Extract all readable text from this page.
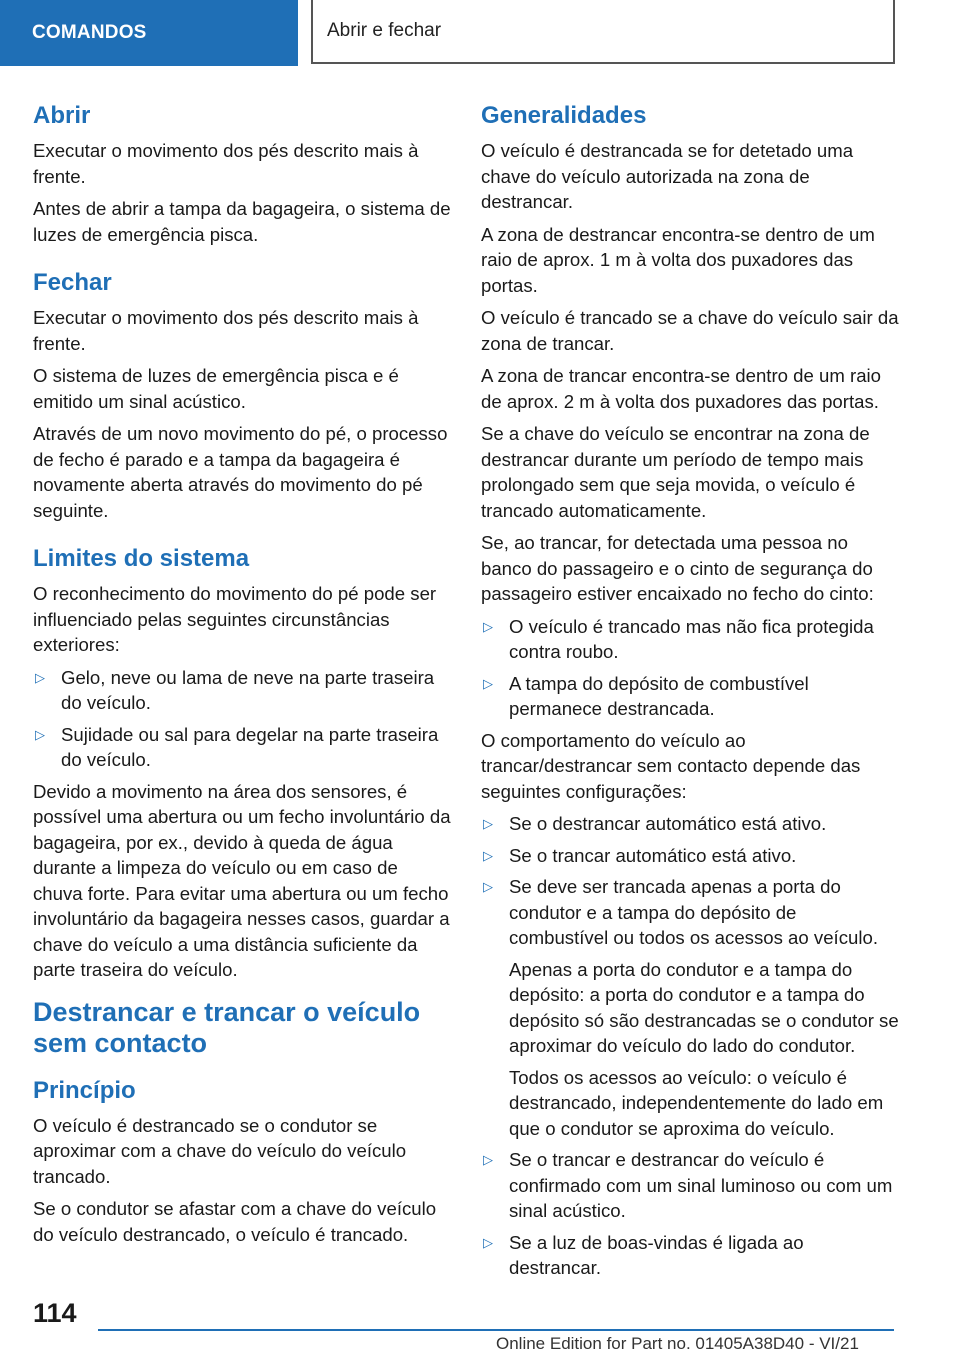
COMANDOS	Abrir e fechar
Abrir

Executar o movimento dos pés descrito mais à frente.

Antes de abrir a tampa da bagageira, o sistema de luzes de emergência pisca.

Fechar

Executar o movimento dos pés descrito mais à frente.

O sistema de luzes de emergência pisca e é emitido um sinal acústico.

Através de um novo movimento do pé, o processo de fecho é parado e a tampa da bagageira é novamente aberta através do movimento do pé seguinte.

Limites do sistema

O reconhecimento do movimento do pé pode ser influenciado pelas seguintes circunstâncias exteriores:

▷ Gelo, neve ou lama de neve na parte traseira do veículo.
▷ Sujidade ou sal para degelar na parte traseira do veículo.

Devido a movimento na área dos sensores, é possível uma abertura ou um fecho involuntário da bagageira, por ex., devido à queda de água durante a limpeza do veículo ou em caso de chuva forte. Para evitar uma abertura ou um fecho involuntário da bagageira nesses casos, guardar a chave do veículo a uma distância suficiente da parte traseira do veículo.

Destrancar e trancar o veículo sem contacto
Princípio

O veículo é destrancado se o condutor se aproximar com a chave do veículo do veículo trancado.

Se o condutor se afastar com a chave do veículo do veículo destrancado, o veículo é trancado.

Generalidades

O veículo é destrancada se for detetado uma chave do veículo autorizada na zona de destrancar.

A zona de destrancar encontra-se dentro de um raio de aprox. 1 m à volta dos puxadores das portas.

O veículo é trancado se a chave do veículo sair da zona de trancar.

A zona de trancar encontra-se dentro de um raio de aprox. 2 m à volta dos puxadores das portas.

Se a chave do veículo se encontrar na zona de destrancar durante um período de tempo mais prolongado sem que seja movida, o veículo é trancado automaticamente.

Se, ao trancar, for detectada uma pessoa no banco do passageiro e o cinto de segurança do passageiro estiver encaixado no fecho do cinto:

▷ O veículo é trancado mas não fica protegida contra roubo.
▷ A tampa do depósito de combustível permanece destrancada.

O comportamento do veículo ao trancar/destrancar sem contacto depende das seguintes configurações:

▷ Se o destrancar automático está ativo.
▷ Se o trancar automático está ativo.
▷ Se deve ser trancada apenas a porta do condutor e a tampa do depósito de combustível ou todos os acessos ao veículo.

Apenas a porta do condutor e a tampa do depósito: a porta do condutor e a tampa do depósito só são destrancadas se o condutor se aproximar do veículo do lado do condutor.

Todos os acessos ao veículo: o veículo é destrancado, independentemente do lado em que o condutor se aproxima do veículo.

▷ Se o trancar e destrancar do veículo é confirmado com um sinal luminoso ou com um sinal acústico.
▷ Se a luz de boas-vindas é ligada ao destrancar.
114
Online Edition for Part no. 01405A38D40 - VI/21
